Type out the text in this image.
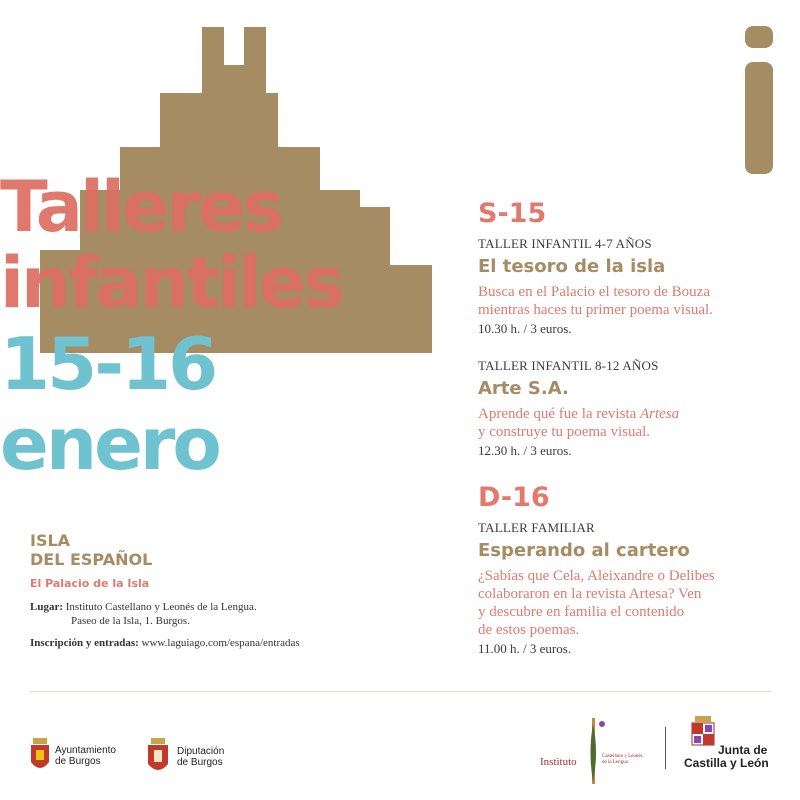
Talleres
infantiles
15-16
enero
S-15
TALLER INFANTIL 4-7 AÑOS
El tesoro de la isla
Busca en el Palacio el tesoro de Bouza
mientras haces tu primer poema visual.
10.30 h. / 3 euros.
TALLER INFANTIL 8-12 AÑOS
Arte S.A.
Aprende qué fue la revista Artesa
y construye tu poema visual.
12.30 h. / 3 euros.
D-16
TALLER FAMILIAR
Esperando al cartero
¿Sabías que Cela, Aleixandre o Delibes
colaboraron en la revista Artesa? Ven
y descubre en familia el contenido
de estos poemas.
11.00 h. / 3 euros.
ISLA
DEL ESPAÑOL
El Palacio de la Isla
Lugar: Instituto Castellano y Leonés de la Lengua.
Paseo de la Isla, 1. Burgos.
Inscripción y entradas: www.laguiago.com/espana/entradas
Ayuntamiento
de Burgos
Diputación
de Burgos	Instituto	Castellano y Leonés
de la Lengua
Junta de
Castilla y León
